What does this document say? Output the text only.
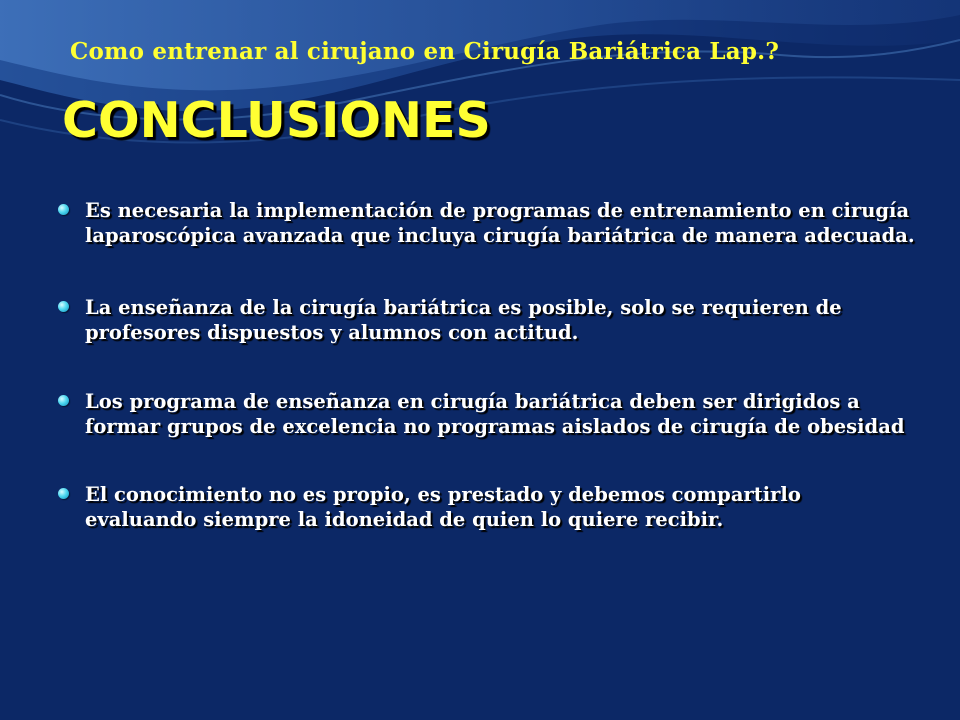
Como entrenar al cirujano en Cirugía Bariátrica Lap.?
CONCLUSIONES
Es necesaria la implementación de programas de entrenamiento en cirugía laparoscópica avanzada que incluya cirugía bariátrica de manera adecuada.
La enseñanza de la cirugía bariátrica es posible, solo se requieren de profesores dispuestos y alumnos con actitud.
Los programa de enseñanza en cirugía bariátrica deben ser dirigidos a formar grupos de excelencia no programas aislados de cirugía de obesidad
El conocimiento no es propio, es prestado y debemos compartirlo evaluando siempre la idoneidad de quien lo quiere recibir.
